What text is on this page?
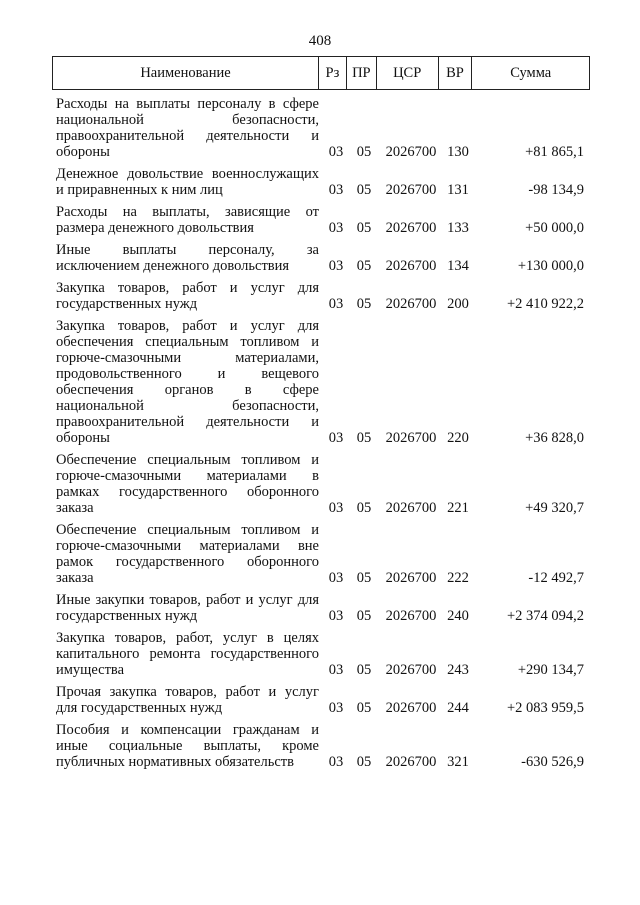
408
Наименование	Рз ПР	ЦСР	ВР	Сумма
Расходы на выплаты персоналу в сфере национальной безопасности, правоохранительной деятельности и обороны	03 05 2026700 130	+81 865,1
Денежное довольствие военнослужащих и приравненных к ним лиц	03 05 2026700 131	-98 134,9
Расходы на выплаты, зависящие от размера денежного довольствия	03 05 2026700 133	+50 000,0
Иные выплаты персоналу, за исключением денежного довольствия	03 05 2026700 134	+130 000,0
Закупка товаров, работ и услуг для государственных нужд	03 05 2026700 200	+2 410 922,2
Закупка товаров, работ и услуг для обеспечения специальным топливом и горюче-смазочными материалами, продовольственного и вещевого обеспечения органов в сфере национальной безопасности, правоохранительной деятельности и обороны	03 05 2026700 220	+36 828,0
Обеспечение специальным топливом и горюче-смазочными материалами в рамках государственного оборонного заказа	03 05 2026700 221	+49 320,7
Обеспечение специальным топливом и горюче-смазочными материалами вне рамок государственного оборонного заказа	03 05 2026700 222	-12 492,7
Иные закупки товаров, работ и услуг для государственных нужд	03 05 2026700 240	+2 374 094,2
Закупка товаров, работ, услуг в целях капитального ремонта государственного имущества	03 05 2026700 243	+290 134,7
Прочая закупка товаров, работ и услуг для государственных нужд	03 05 2026700 244	+2 083 959,5
Пособия и компенсации гражданам и иные социальные выплаты, кроме публичных нормативных обязательств	03 05 2026700 321	-630 526,9
